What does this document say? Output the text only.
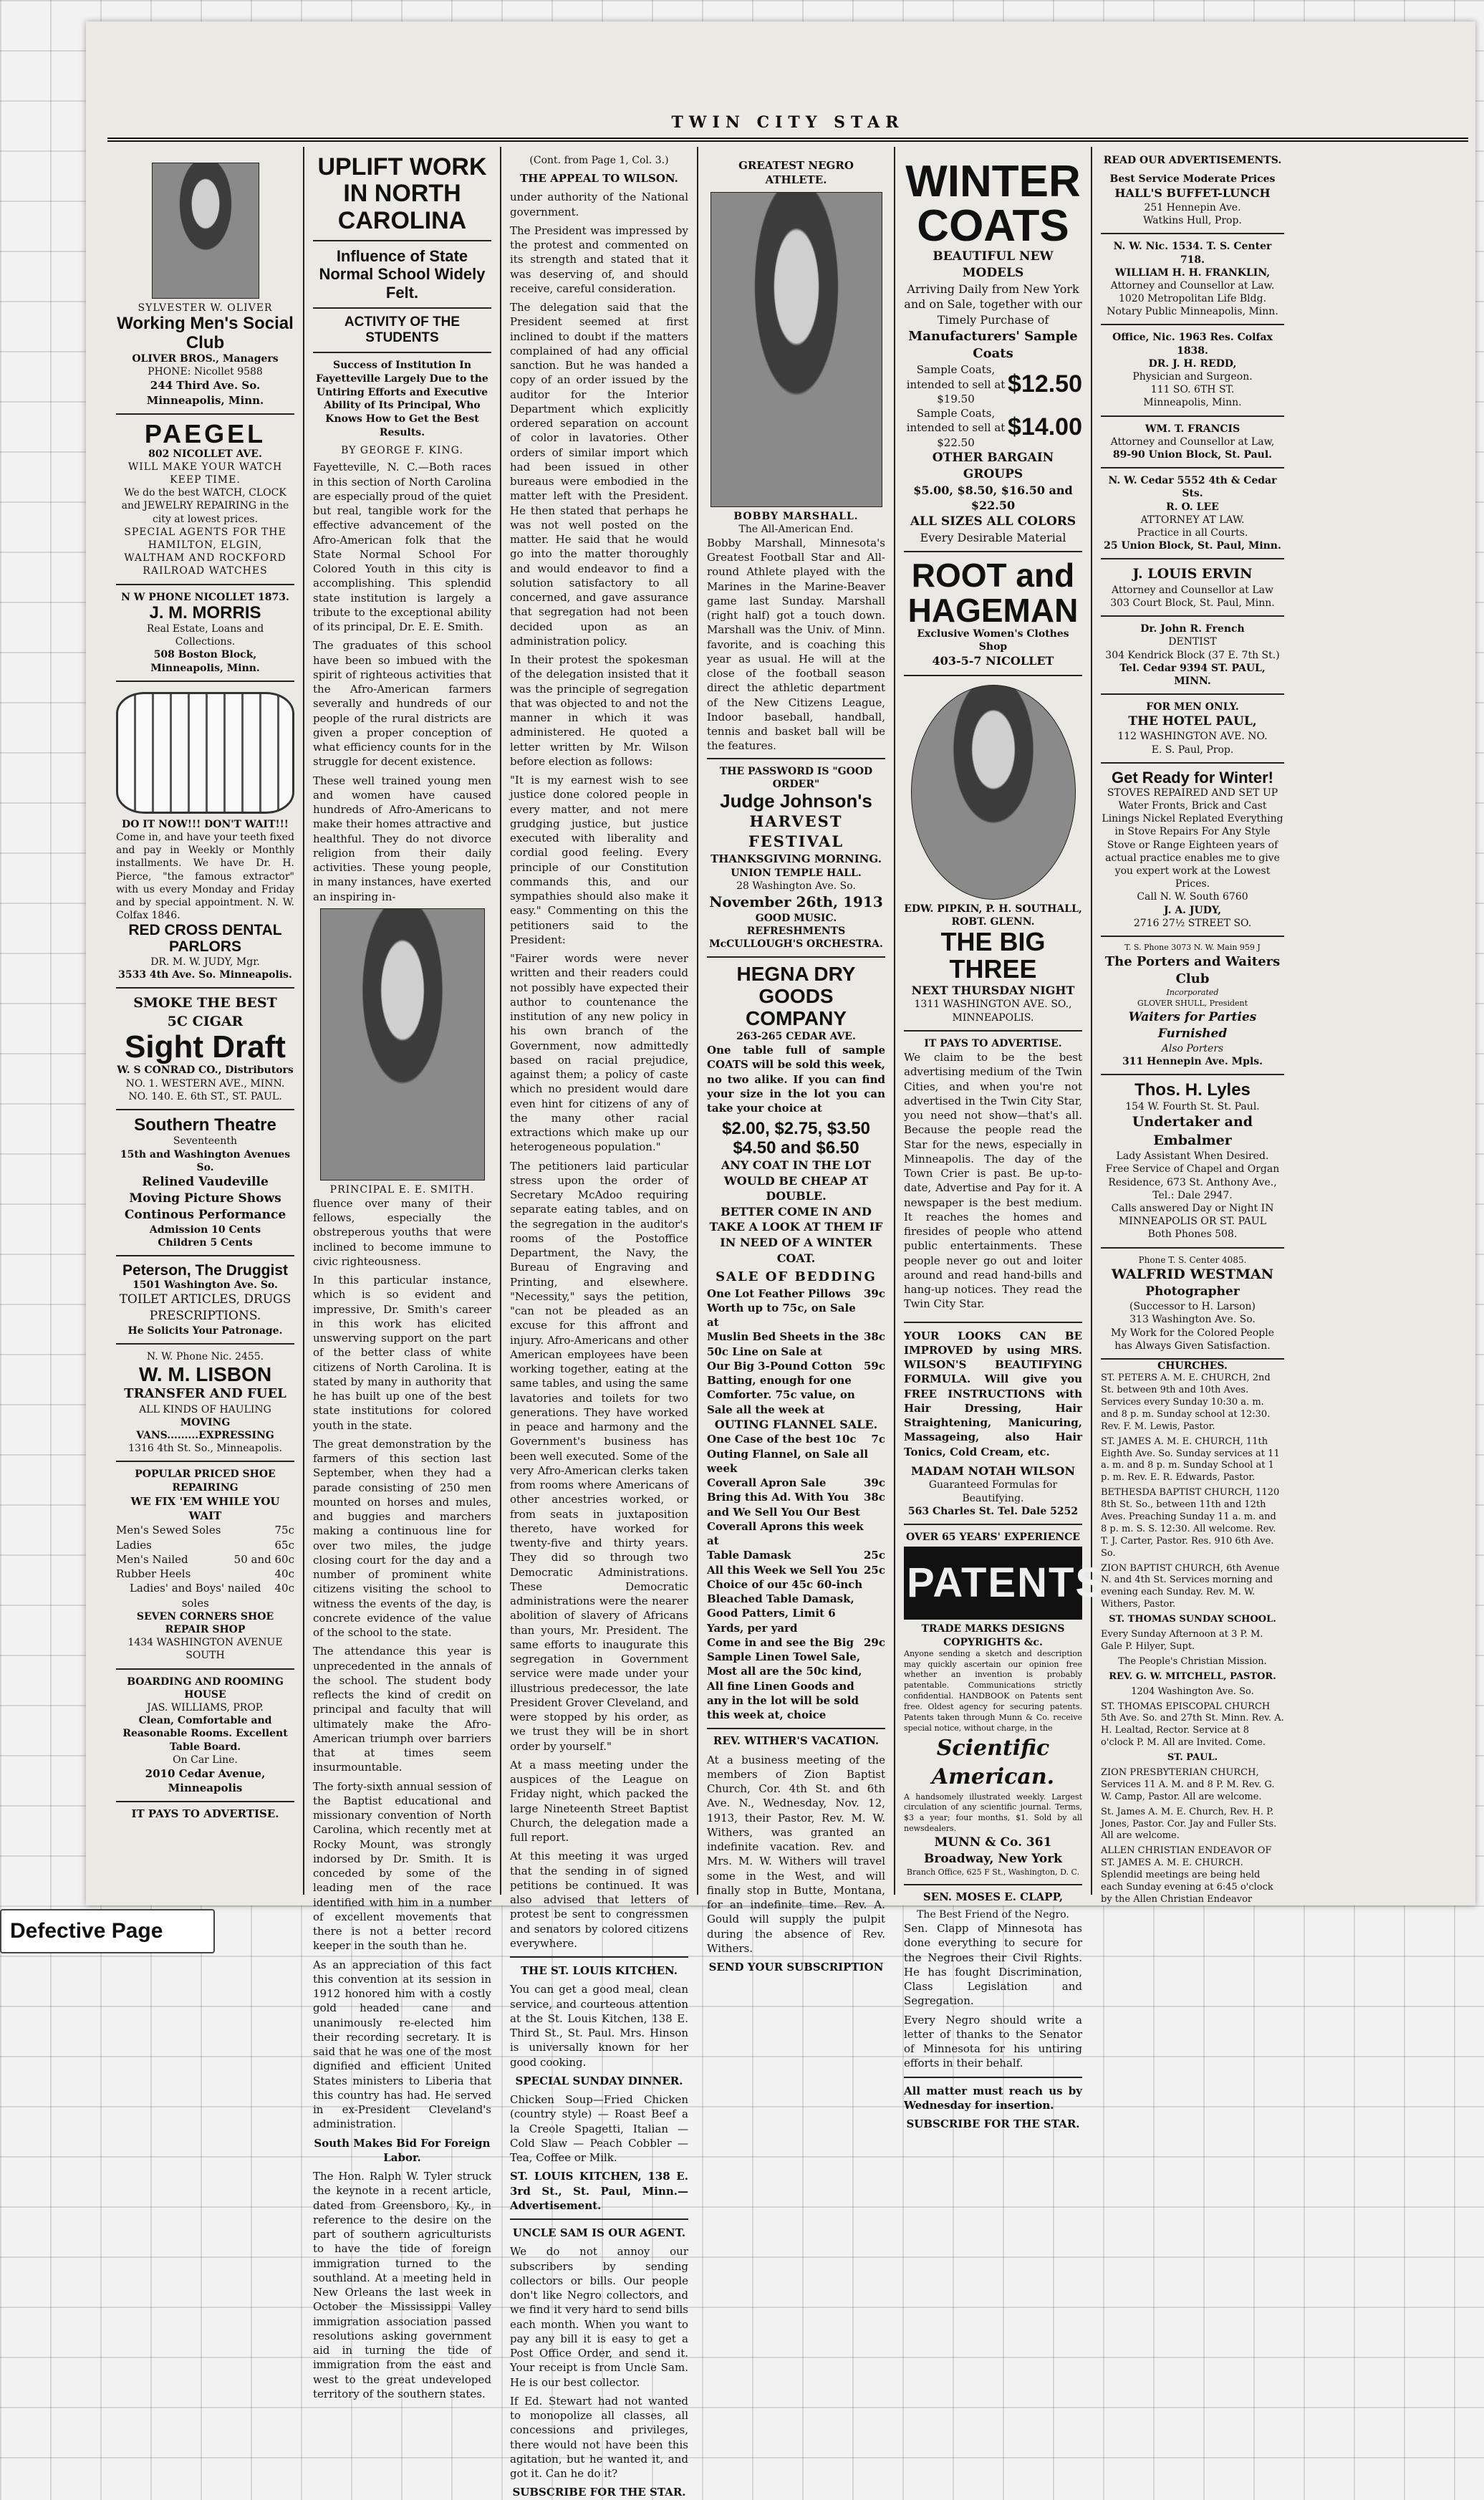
TWIN CITY STAR
SYLVESTER W. OLIVER
Working Men's Social Club
OLIVER BROS., Managers
PHONE: Nicollet 9588
244 Third Ave. So. Minneapolis, Minn.
PAEGEL
802 NICOLLET AVE.
WILL MAKE YOUR WATCH KEEP TIME.
We do the best WATCH, CLOCK and JEWELRY REPAIRING in the city at lowest prices.
SPECIAL AGENTS FOR THE HAMILTON, ELGIN, WALTHAM AND ROCKFORD RAILROAD WATCHES
N W PHONE NICOLLET 1873.
J. M. MORRIS
Real Estate, Loans and Collections.
508 Boston Block, Minneapolis, Minn.
DO IT NOW!!! DON'T WAIT!!!
Come in, and have your teeth fixed and pay in Weekly or Monthly installments. We have Dr. H. Pierce, "the famous extractor" with us every Monday and Friday and by special appointment. N. W. Colfax 1846.
RED CROSS DENTAL PARLORS
DR. M. W. JUDY, Mgr.
3533 4th Ave. So. Minneapolis.
SMOKE THE BEST
5C CIGAR
Sight Draft
W. S CONRAD CO., Distributors
NO. 1. WESTERN AVE., MINN.
NO. 140. E. 6th ST., ST. PAUL.
Southern Theatre
Seventeenth
15th and Washington Avenues So.
Relined Vaudeville
Moving Picture Shows
Continous Performance
Admission 10 Cents
Children 5 Cents
Peterson, The Druggist
1501 Washington Ave. So.
TOILET ARTICLES, DRUGS PRESCRIPTIONS.
He Solicits Your Patronage.
N. W. Phone Nic. 2455.
W. M. LISBON
TRANSFER AND FUEL
ALL KINDS OF HAULING
MOVING VANS.........EXPRESSING
1316 4th St. So., Minneapolis.
POPULAR PRICED SHOE REPAIRING
WE FIX 'EM WHILE YOU WAIT
Men's Sewed Soles	75c
Ladies	65c
Men's Nailed	50 and 60c
Rubber Heels	40c
Ladies' and Boys' nailed soles
40c
SEVEN CORNERS SHOE REPAIR SHOP
1434 WASHINGTON AVENUE SOUTH
BOARDING AND ROOMING HOUSE
JAS. WILLIAMS, PROP.
Clean, Comfortable and Reasonable Rooms. Excellent Table Board.
On Car Line.
2010 Cedar Avenue, Minneapolis
IT PAYS TO ADVERTISE.
UPLIFT WORK IN NORTH CAROLINA
Influence of State Normal School Widely Felt.
ACTIVITY OF THE STUDENTS
Success of Institution In Fayetteville Largely Due to the Untiring Efforts and Executive Ability of Its Principal, Who Knows How to Get the Best Results.
BY GEORGE F. KING.

Fayetteville, N. C.—Both races in this section of North Carolina are especially proud of the quiet but real, tangible work for the effective advancement of the Afro-American folk that the State Normal School For Colored Youth in this city is accomplishing. This splendid state institution is largely a tribute to the exceptional ability of its principal, Dr. E. E. Smith.

The graduates of this school have been so imbued with the spirit of righteous activities that the Afro-American farmers severally and hundreds of our people of the rural districts are given a proper conception of what efficiency counts for in the struggle for decent existence.

These well trained young men and women have caused hundreds of Afro-Americans to make their homes attractive and healthful. They do not divorce religion from their daily activities. These young people, in many instances, have exerted an inspiring in-

PRINCIPAL E. E. SMITH.

fluence over many of their fellows, especially the obstreperous youths that were inclined to become immune to civic righteousness.

In this particular instance, which is so evident and impressive, Dr. Smith's career in this work has elicited unswerving support on the part of the better class of white citizens of North Carolina. It is stated by many in authority that he has built up one of the best state institutions for colored youth in the state.

The great demonstration by the farmers of this section last September, when they had a parade consisting of 250 men mounted on horses and mules, and buggies and marchers making a continuous line for over two miles, the judge closing court for the day and a number of prominent white citizens visiting the school to witness the events of the day, is concrete evidence of the value of the school to the state.

The attendance this year is unprecedented in the annals of the school. The student body reflects the kind of credit on principal and faculty that will ultimately make the Afro-American triumph over barriers that at times seem insurmountable.

The forty-sixth annual session of the Baptist educational and missionary convention of North Carolina, which recently met at Rocky Mount, was strongly indorsed by Dr. Smith. It is conceded by some of the leading men of the race identified with him in a number of excellent movements that there is not a better record keeper in the south than he.

As an appreciation of this fact this convention at its session in 1912 honored him with a costly gold headed cane and unanimously re-elected him their recording secretary. It is said that he was one of the most dignified and efficient United States ministers to Liberia that this country has had. He served in ex-President Cleveland's administration.

South Makes Bid For Foreign Labor.

The Hon. Ralph W. Tyler struck the keynote in a recent article, dated from Greensboro, Ky., in reference to the desire on the part of southern agriculturists to have the tide of foreign immigration turned to the southland. At a meeting held in New Orleans the last week in October the Mississippi Valley immigration association passed resolutions asking government aid in turning the tide of immigration from the east and west to the great undeveloped territory of the southern states.

(Cont. from Page 1, Col. 3.)
THE APPEAL TO WILSON.

under authority of the National government.

The President was impressed by the protest and commented on its strength and stated that it was deserving of, and should receive, careful consideration.

The delegation said that the President seemed at first inclined to doubt if the matters complained of had any official sanction. But he was handed a copy of an order issued by the auditor for the Interior Department which explicitly ordered separation on account of color in lavatories. Other orders of similar import which had been issued in other bureaus were embodied in the matter left with the President. He then stated that perhaps he was not well posted on the matter. He said that he would go into the matter thoroughly and would endeavor to find a solution satisfactory to all concerned, and gave assurance that segregation had not been decided upon as an administration policy.

In their protest the spokesman of the delegation insisted that it was the principle of segregation that was objected to and not the manner in which it was administered. He quoted a letter written by Mr. Wilson before election as follows:

"It is my earnest wish to see justice done colored people in every matter, and not mere grudging justice, but justice executed with liberality and cordial good feeling. Every principle of our Constitution commands this, and our sympathies should also make it easy." Commenting on this the petitioners said to the President:

"Fairer words were never written and their readers could not possibly have expected their author to countenance the institution of any new policy in his own branch of the Government, now admittedly based on racial prejudice, against them; a policy of caste which no president would dare even hint for citizens of any of the many other racial extractions which make up our heterogeneous population."

The petitioners laid particular stress upon the order of Secretary McAdoo requiring separate eating tables, and on the segregation in the auditor's rooms of the Postoffice Department, the Navy, the Bureau of Engraving and Printing, and elsewhere. "Necessity," says the petition, "can not be pleaded as an excuse for this affront and injury. Afro-Americans and other American employees have been working together, eating at the same tables, and using the same lavatories and toilets for two generations. They have worked in peace and harmony and the Government's business has been well executed. Some of the very Afro-American clerks taken from rooms where Americans of other ancestries worked, or from seats in juxtaposition thereto, have worked for twenty-five and thirty years. They did so through two Democratic Administrations. These Democratic administrations were the nearer abolition of slavery of Africans than yours, Mr. President. The same efforts to inaugurate this segregation in Government service were made under your illustrious predecessor, the late President Grover Cleveland, and were stopped by his order, as we trust they will be in short order by yourself."

At a mass meeting under the auspices of the League on Friday night, which packed the large Nineteenth Street Baptist Church, the delegation made a full report.

At this meeting it was urged that the sending in of signed petitions be continued. It was also advised that letters of protest be sent to congressmen and senators by colored citizens everywhere.

THE ST. LOUIS KITCHEN.

You can get a good meal, clean service, and courteous attention at the St. Louis Kitchen, 138 E. Third St., St. Paul. Mrs. Hinson is universally known for her good cooking.

SPECIAL SUNDAY DINNER.

Chicken Soup—Fried Chicken (country style) — Roast Beef a la Creole Spagetti, Italian — Cold Slaw — Peach Cobbler — Tea, Coffee or Milk.

ST. LOUIS KITCHEN, 138 E. 3rd St., St. Paul, Minn.—Advertisement.

UNCLE SAM IS OUR AGENT.

We do not annoy our subscribers by sending collectors or bills. Our people don't like Negro collectors, and we find it very hard to send bills each month. When you want to pay any bill it is easy to get a Post Office Order, and send it. Your receipt is from Uncle Sam. He is our best collector.

If Ed. Stewart had not wanted to monopolize all classes, all concessions and privileges, there would not have been this agitation, but he wanted it, and got it. Can he do it?

SUBSCRIBE FOR THE STAR.
GREATEST NEGRO ATHLETE.
BOBBY MARSHALL.
The All-American End.

Bobby Marshall, Minnesota's Greatest Football Star and All-round Athlete played with the Marines in the Marine-Beaver game last Sunday. Marshall (right half) got a touch down. Marshall was the Univ. of Minn. favorite, and is coaching this year as usual. He will at the close of the football season direct the athletic department of the New Citizens League, Indoor baseball, handball, tennis and basket ball will be the features.

THE PASSWORD IS "GOOD ORDER"
Judge Johnson's
HARVEST FESTIVAL
THANKSGIVING MORNING.
UNION TEMPLE HALL.
28 Washington Ave. So.
November 26th, 1913
GOOD MUSIC. REFRESHMENTS
McCULLOUGH'S ORCHESTRA.
HEGNA DRY GOODS COMPANY
263-265 CEDAR AVE.

One table full of sample COATS will be sold this week, no two alike. If you can find your size in the lot you can take your choice at

$2.00, $2.75, $3.50 $4.50 and $6.50
ANY COAT IN THE LOT WOULD BE CHEAP AT DOUBLE.
BETTER COME IN AND TAKE A LOOK AT THEM IF IN NEED OF A WINTER COAT.
SALE OF BEDDING
One Lot Feather Pillows Worth up to 75c, on Sale at
39c
Muslin Bed Sheets in the 50c Line on Sale at
38c
Our Big 3-Pound Cotton Batting, enough for one Comforter. 75c value, on Sale all the week at
59c
OUTING FLANNEL SALE.
One Case of the best 10c Outing Flannel, on Sale all week
7c
Coverall Apron Sale	39c
Bring this Ad. With You and We Sell You Our Best Coverall Aprons this week at
38c
Table Damask	25c
All this Week we Sell You Choice of our 45c 60-inch Bleached Table Damask, Good Patters, Limit 6 Yards, per yard
25c
Come in and see the Big Sample Linen Towel Sale, Most all are the 50c kind, All fine Linen Goods and any in the lot will be sold this week at, choice
29c
REV. WITHER'S VACATION.

At a business meeting of the members of Zion Baptist Church, Cor. 4th St. and 6th Ave. N., Wednesday, Nov. 12, 1913, their Pastor, Rev. M. W. Withers, was granted an indefinite vacation. Rev. and Mrs. M. W. Withers will travel some in the West, and will finally stop in Butte, Montana, for an indefinite time. Rev. A. Gould will supply the pulpit during the absence of Rev. Withers.

SEND YOUR SUBSCRIPTION
WINTER COATS
BEAUTIFUL NEW MODELS
Arriving Daily from New York and on Sale, together with our Timely Purchase of
Manufacturers' Sample Coats
Sample Coats, intended to sell at $19.50
$12.50
Sample Coats, intended to sell at $22.50
$14.00
OTHER BARGAIN GROUPS
$5.00, $8.50, $16.50 and $22.50
ALL SIZES ALL COLORS
Every Desirable Material
ROOT and HAGEMAN
Exclusive Women's Clothes Shop
403-5-7 NICOLLET
EDW. PIPKIN, P. H. SOUTHALL, ROBT. GLENN.
THE BIG THREE
NEXT THURSDAY NIGHT
1311 WASHINGTON AVE. SO., MINNEAPOLIS.
IT PAYS TO ADVERTISE.

We claim to be the best advertising medium of the Twin Cities, and when you're not advertised in the Twin City Star, you need not show—that's all. Because the people read the Star for the news, especially in Minneapolis. The day of the Town Crier is past. Be up-to-date, Advertise and Pay for it. A newspaper is the best medium. It reaches the homes and firesides of people who attend public entertainments. These people never go out and loiter around and read hand-bills and hang-up notices. They read the Twin City Star.

YOUR LOOKS CAN BE IMPROVED by using MRS. WILSON'S BEAUTIFYING FORMULA. Will give you FREE INSTRUCTIONS with Hair Dressing, Hair Straightening, Manicuring, Massageing, also Hair Tonics, Cold Cream, etc.

MADAM NOTAH WILSON
Guaranteed Formulas for Beautifying.
563 Charles St. Tel. Dale 5252
OVER 65 YEARS' EXPERIENCE
PATENTS
TRADE MARKS DESIGNS COPYRIGHTS &c.
Anyone sending a sketch and description may quickly ascertain our opinion free whether an invention is probably patentable. Communications strictly confidential. HANDBOOK on Patents sent free. Oldest agency for securing patents. Patents taken through Munn & Co. receive special notice, without charge, in the
Scientific American.
A handsomely illustrated weekly. Largest circulation of any scientific journal. Terms, $3 a year; four months, $1. Sold by all newsdealers.
MUNN & Co. 361 Broadway, New York
Branch Office, 625 F St., Washington, D. C.
SEN. MOSES E. CLAPP,
The Best Friend of the Negro.

Sen. Clapp of Minnesota has done everything to secure for the Negroes their Civil Rights. He has fought Discrimination, Class Legislation and Segregation.

Every Negro should write a letter of thanks to the Senator of Minnesota for his untiring efforts in their behalf.

All matter must reach us by Wednesday for insertion.

SUBSCRIBE FOR THE STAR.
READ OUR ADVERTISEMENTS.
Best Service Moderate Prices
HALL'S BUFFET-LUNCH
251 Hennepin Ave.
Watkins Hull, Prop.
N. W. Nic. 1534. T. S. Center 718.
WILLIAM H. H. FRANKLIN,
Attorney and Counsellor at Law.
1020 Metropolitan Life Bldg.
Notary Public Minneapolis, Minn.
Office, Nic. 1963 Res. Colfax 1838.
DR. J. H. REDD,
Physician and Surgeon.
111 SO. 6TH ST.
Minneapolis, Minn.
WM. T. FRANCIS
Attorney and Counsellor at Law,
89-90 Union Block, St. Paul.
N. W. Cedar 5552 4th & Cedar Sts.
R. O. LEE
ATTORNEY AT LAW.
Practice in all Courts.
25 Union Block, St. Paul, Minn.
J. LOUIS ERVIN
Attorney and Counsellor at Law
303 Court Block, St. Paul, Minn.
Dr. John R. French
DENTIST
304 Kendrick Block (37 E. 7th St.)
Tel. Cedar 9394 ST. PAUL, MINN.
FOR MEN ONLY.
THE HOTEL PAUL,
112 WASHINGTON AVE. NO.
E. S. Paul, Prop.
Get Ready for Winter!
STOVES REPAIRED AND SET UP Water Fronts, Brick and Cast Linings Nickel Replated Everything in Stove Repairs For Any Style Stove or Range Eighteen years of actual practice enables me to give you expert work at the Lowest Prices.
Call N. W. South 6760
J. A. JUDY,
2716 27½ STREET SO.
T. S. Phone 3073 N. W. Main 959 J
The Porters and Waiters Club
Incorporated
GLOVER SHULL, President
Waiters for Parties Furnished
Also Porters
311 Hennepin Ave. Mpls.
Thos. H. Lyles
154 W. Fourth St. St. Paul.
Undertaker and Embalmer
Lady Assistant When Desired.
Free Service of Chapel and Organ
Residence, 673 St. Anthony Ave., Tel.: Dale 2947.
Calls answered Day or Night IN MINNEAPOLIS OR ST. PAUL
Both Phones 508.
Phone T. S. Center 4085.
WALFRID WESTMAN
Photographer
(Successor to H. Larson)
313 Washington Ave. So.
My Work for the Colored People has Always Given Satisfaction.
CHURCHES.
ST. PETERS A. M. E. CHURCH, 2nd St. between 9th and 10th Aves. Services every Sunday 10:30 a. m. and 8 p. m. Sunday school at 12:30. Rev. F. M. Lewis, Pastor.
ST. JAMES A. M. E. CHURCH, 11th Eighth Ave. So. Sunday services at 11 a. m. and 8 p. m. Sunday School at 1 p. m. Rev. E. R. Edwards, Pastor.
BETHESDA BAPTIST CHURCH, 1120 8th St. So., between 11th and 12th Aves. Preaching Sunday 11 a. m. and 8 p. m. S. S. 12:30. All welcome. Rev. T. J. Carter, Pastor. Res. 910 6th Ave. So.
ZION BAPTIST CHURCH, 6th Avenue N. and 4th St. Services morning and evening each Sunday. Rev. M. W. Withers, Pastor.
ST. THOMAS SUNDAY SCHOOL.
Every Sunday Afternoon at 3 P. M. Gale P. Hilyer, Supt.
The People's Christian Mission.
REV. G. W. MITCHELL, PASTOR.
1204 Washington Ave. So.
ST. THOMAS EPISCOPAL CHURCH 5th Ave. So. and 27th St. Minn. Rev. A. H. Lealtad, Rector. Service at 8 o'clock P. M. All are Invited. Come.
ST. PAUL.
ZION PRESBYTERIAN CHURCH, Services 11 A. M. and 8 P. M. Rev. G. W. Camp, Pastor. All are welcome.
St. James A. M. E. Church, Rev. H. P. Jones, Pastor. Cor. Jay and Fuller Sts. All are welcome.
ALLEN CHRISTIAN ENDEAVOR OF ST. JAMES A. M. E. CHURCH. Splendid meetings are being held each Sunday evening at 6:45 o'clock by the Allen Christian Endeavor
Defective Page
